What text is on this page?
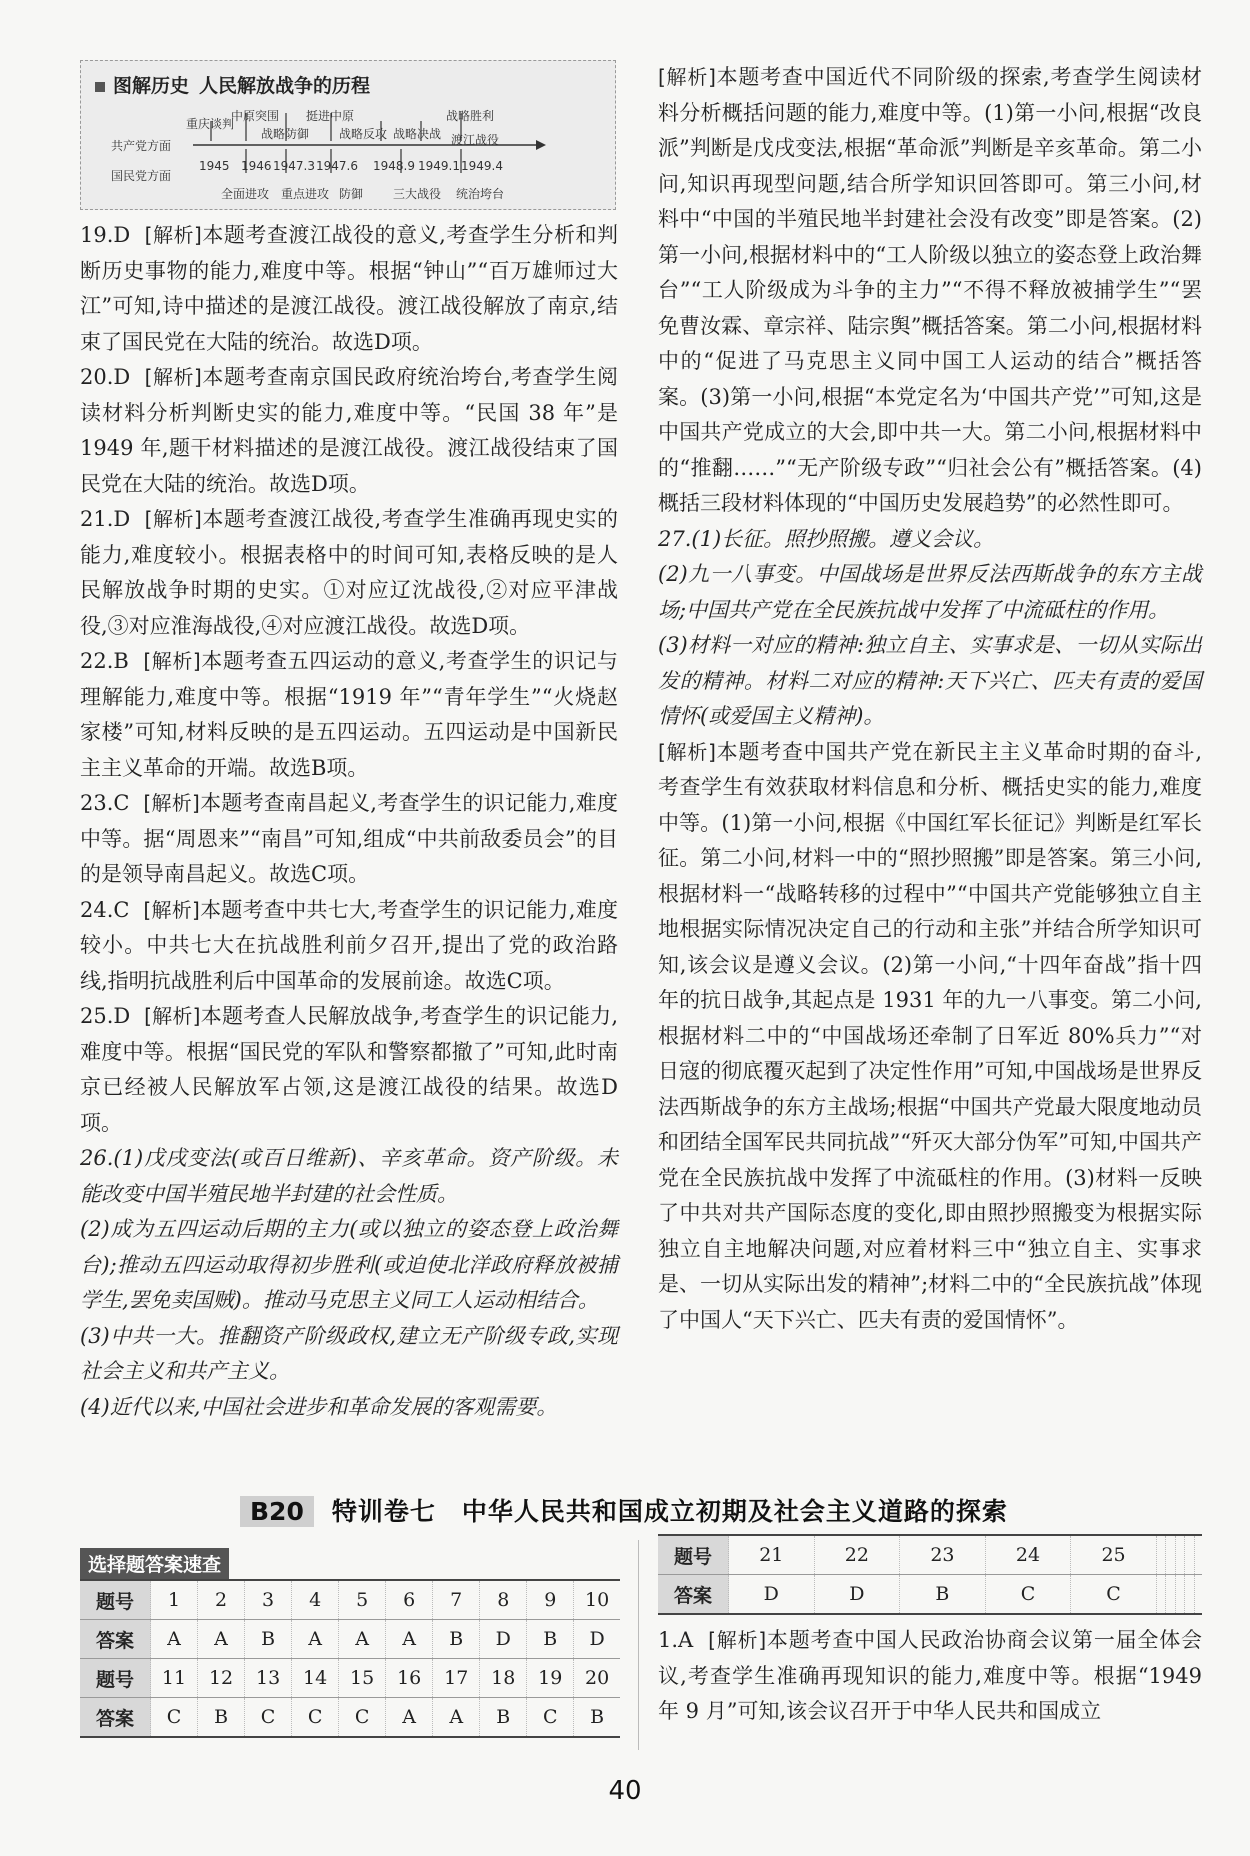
图解历史 人民解放战争的历程
共产党方面
国民党方面
重庆谈判
中原突围 挺进中原
战略防御 战略反攻 战略决战
战略胜利
渡江战役
1945 1946 1947.3 1947.6 1948.9 1949.1 1949.4
全面进攻 重点进攻 防御 三大战役 统治垮台

19.D [解析]本题考查渡江战役的意义,考查学生分析和判断历史事物的能力,难度中等。根据“钟山”“百万雄师过大江”可知,诗中描述的是渡江战役。渡江战役解放了南京,结束了国民党在大陆的统治。故选D项。

20.D [解析]本题考查南京国民政府统治垮台,考查学生阅读材料分析判断史实的能力,难度中等。“民国 38 年”是 1949 年,题干材料描述的是渡江战役。渡江战役结束了国民党在大陆的统治。故选D项。

21.D [解析]本题考查渡江战役,考查学生准确再现史实的能力,难度较小。根据表格中的时间可知,表格反映的是人民解放战争时期的史实。①对应辽沈战役,②对应平津战役,③对应淮海战役,④对应渡江战役。故选D项。

22.B [解析]本题考查五四运动的意义,考查学生的识记与理解能力,难度中等。根据“1919 年”“青年学生”“火烧赵家楼”可知,材料反映的是五四运动。五四运动是中国新民主主义革命的开端。故选B项。

23.C [解析]本题考查南昌起义,考查学生的识记能力,难度中等。据“周恩来”“南昌”可知,组成“中共前敌委员会”的目的是领导南昌起义。故选C项。

24.C [解析]本题考查中共七大,考查学生的识记能力,难度较小。中共七大在抗战胜利前夕召开,提出了党的政治路线,指明抗战胜利后中国革命的发展前途。故选C项。

25.D [解析]本题考查人民解放战争,考查学生的识记能力,难度中等。根据“国民党的军队和警察都撤了”可知,此时南京已经被人民解放军占领,这是渡江战役的结果。故选D项。

26.(1)戊戌变法(或百日维新)、辛亥革命。资产阶级。未能改变中国半殖民地半封建的社会性质。

(2)成为五四运动后期的主力(或以独立的姿态登上政治舞台);推动五四运动取得初步胜利(或迫使北洋政府释放被捕学生,罢免卖国贼)。推动马克思主义同工人运动相结合。

(3)中共一大。推翻资产阶级政权,建立无产阶级专政,实现社会主义和共产主义。

(4)近代以来,中国社会进步和革命发展的客观需要。

[解析]本题考查中国近代不同阶级的探索,考查学生阅读材料分析概括问题的能力,难度中等。(1)第一小问,根据“改良派”判断是戊戌变法,根据“革命派”判断是辛亥革命。第二小问,知识再现型问题,结合所学知识回答即可。第三小问,材料中“中国的半殖民地半封建社会没有改变”即是答案。(2)第一小问,根据材料中的“工人阶级以独立的姿态登上政治舞台”“工人阶级成为斗争的主力”“不得不释放被捕学生”“罢免曹汝霖、章宗祥、陆宗舆”概括答案。第二小问,根据材料中的“促进了马克思主义同中国工人运动的结合”概括答案。(3)第一小问,根据“本党定名为‘中国共产党’”可知,这是中国共产党成立的大会,即中共一大。第二小问,根据材料中的“推翻……”“无产阶级专政”“归社会公有”概括答案。(4)概括三段材料体现的“中国历史发展趋势”的必然性即可。

27.(1)长征。照抄照搬。遵义会议。

(2)九一八事变。中国战场是世界反法西斯战争的东方主战场;中国共产党在全民族抗战中发挥了中流砥柱的作用。

(3)材料一对应的精神:独立自主、实事求是、一切从实际出发的精神。材料二对应的精神:天下兴亡、匹夫有责的爱国情怀(或爱国主义精神)。

[解析]本题考查中国共产党在新民主主义革命时期的奋斗,考查学生有效获取材料信息和分析、概括史实的能力,难度中等。(1)第一小问,根据《中国红军长征记》判断是红军长征。第二小问,材料一中的“照抄照搬”即是答案。第三小问,根据材料一“战略转移的过程中”“中国共产党能够独立自主地根据实际情况决定自己的行动和主张”并结合所学知识可知,该会议是遵义会议。(2)第一小问,“十四年奋战”指十四年的抗日战争,其起点是 1931 年的九一八事变。第二小问,根据材料二中的“中国战场还牵制了日军近 80%兵力”“对日寇的彻底覆灭起到了决定性作用”可知,中国战场是世界反法西斯战争的东方主战场;根据“中国共产党最大限度地动员和团结全国军民共同抗战”“歼灭大部分伪军”可知,中国共产党在全民族抗战中发挥了中流砥柱的作用。(3)材料一反映了中共对共产国际态度的变化,即由照抄照搬变为根据实际独立自主地解决问题,对应着材料三中“独立自主、实事求是、一切从实际出发的精神”;材料二中的“全民族抗战”体现了中国人“天下兴亡、匹夫有责的爱国情怀”。

B20 特训卷七　中华人民共和国成立初期及社会主义道路的探索
选择题答案速查
题号	1	2	3	4	5	6	7	8	9	10
答案	A	A	B	A	A	A	B	D	B	D
题号	11	12	13	14	15	16	17	18	19	20
答案	C	B	C	C	C	A	A	B	C	B
题号	21	22	23	24	25					
答案	D	D	B	C	C					

1.A [解析]本题考查中国人民政治协商会议第一届全体会议,考查学生准确再现知识的能力,难度中等。根据“1949 年 9 月”可知,该会议召开于中华人民共和国成立

40
